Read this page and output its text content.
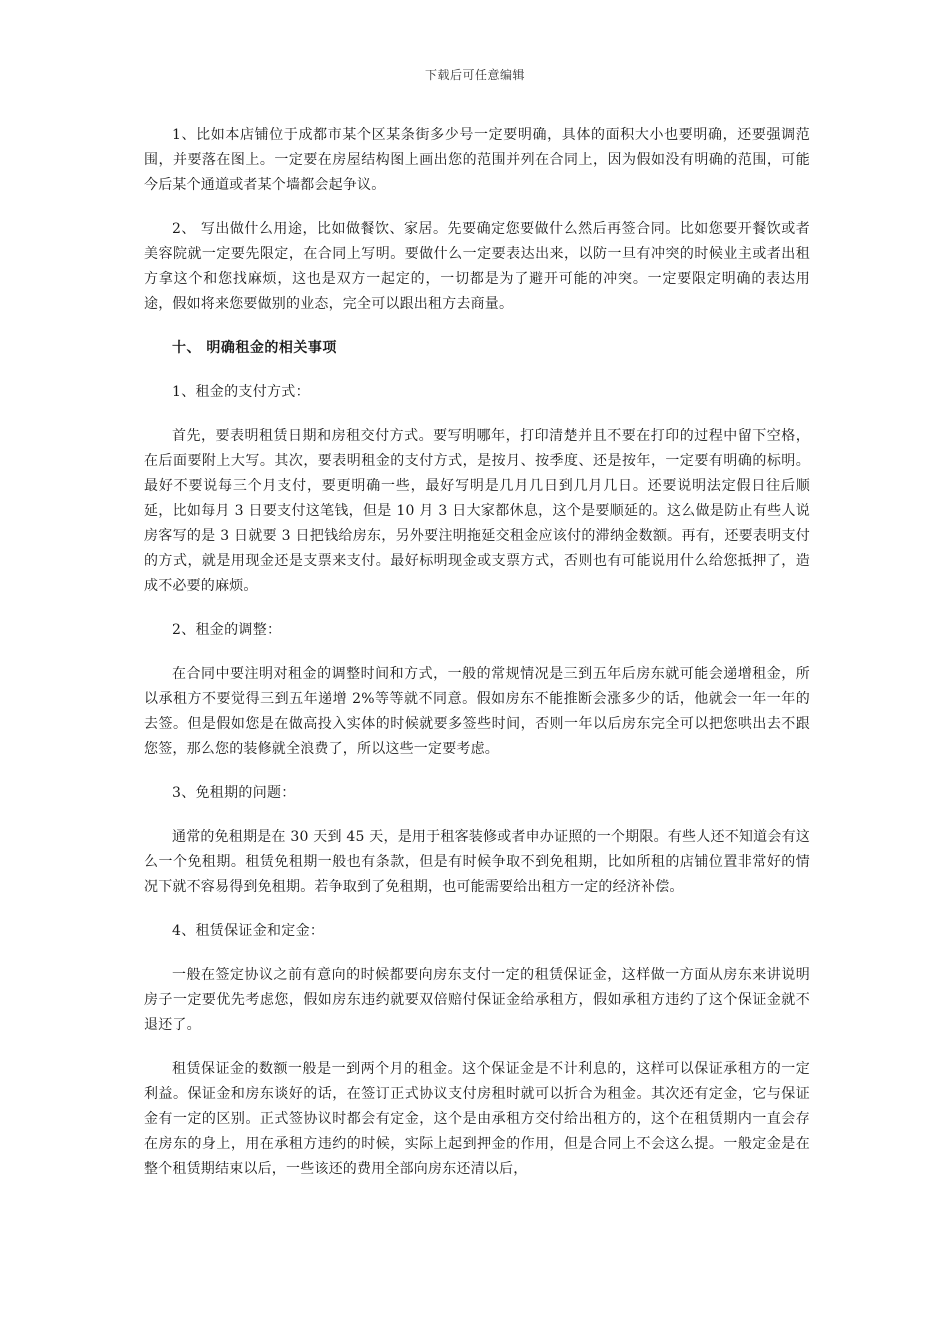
下载后可任意编辑

1、比如本店铺位于成都市某个区某条街多少号一定要明确，具体的面积大小也要明确，还要强调范围，并要落在图上。一定要在房屋结构图上画出您的范围并列在合同上，因为假如没有明确的范围，可能今后某个通道或者某个墙都会起争议。

2、 写出做什么用途，比如做餐饮、家居。先要确定您要做什么然后再签合同。比如您要开餐饮或者美容院就一定要先限定，在合同上写明。要做什么一定要表达出来，以防一旦有冲突的时候业主或者出租方拿这个和您找麻烦，这也是双方一起定的，一切都是为了避开可能的冲突。一定要限定明确的表达用途，假如将来您要做别的业态，完全可以跟出租方去商量。

十、 明确租金的相关事项

1、租金的支付方式：

首先，要表明租赁日期和房租交付方式。要写明哪年，打印清楚并且不要在打印的过程中留下空格，在后面要附上大写。其次，要表明租金的支付方式，是按月、按季度、还是按年，一定要有明确的标明。最好不要说每三个月支付，要更明确一些，最好写明是几月几日到几月几日。还要说明法定假日往后顺延，比如每月 3 日要支付这笔钱，但是 10 月 3 日大家都休息，这个是要顺延的。这么做是防止有些人说房客写的是 3 日就要 3 日把钱给房东，另外要注明拖延交租金应该付的滞纳金数额。再有，还要表明支付的方式，就是用现金还是支票来支付。最好标明现金或支票方式，否则也有可能说用什么给您抵押了，造成不必要的麻烦。

2、租金的调整：

在合同中要注明对租金的调整时间和方式，一般的常规情况是三到五年后房东就可能会递增租金，所以承租方不要觉得三到五年递增 2%等等就不同意。假如房东不能推断会涨多少的话，他就会一年一年的去签。但是假如您是在做高投入实体的时候就要多签些时间，否则一年以后房东完全可以把您哄出去不跟您签，那么您的装修就全浪费了，所以这些一定要考虑。

3、免租期的问题：

通常的免租期是在 30 天到 45 天，是用于租客装修或者申办证照的一个期限。有些人还不知道会有这么一个免租期。租赁免租期一般也有条款，但是有时候争取不到免租期，比如所租的店铺位置非常好的情况下就不容易得到免租期。若争取到了免租期，也可能需要给出租方一定的经济补偿。

4、租赁保证金和定金：

一般在签定协议之前有意向的时候都要向房东支付一定的租赁保证金，这样做一方面从房东来讲说明房子一定要优先考虑您，假如房东违约就要双倍赔付保证金给承租方，假如承租方违约了这个保证金就不退还了。

租赁保证金的数额一般是一到两个月的租金。这个保证金是不计利息的，这样可以保证承租方的一定利益。保证金和房东谈好的话，在签订正式协议支付房租时就可以折合为租金。其次还有定金，它与保证金有一定的区别。正式签协议时都会有定金，这个是由承租方交付给出租方的，这个在租赁期内一直会存在房东的身上，用在承租方违约的时候，实际上起到押金的作用，但是合同上不会这么提。一般定金是在整个租赁期结束以后，一些该还的费用全部向房东还清以后，
